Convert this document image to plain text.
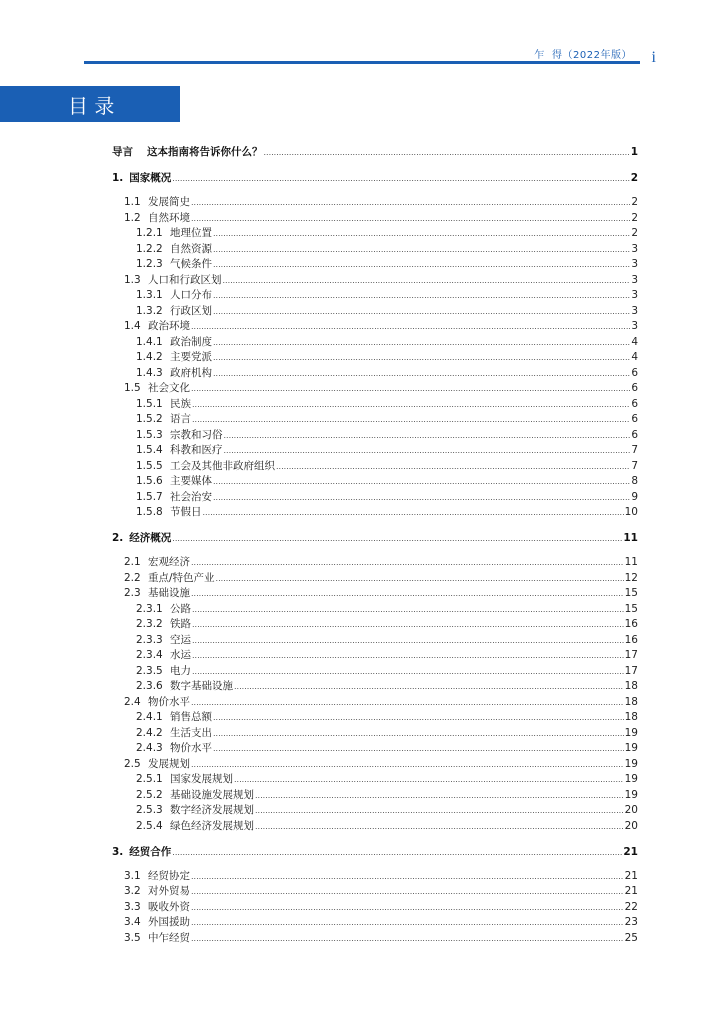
乍  得（2022年版） i
目 录
导言 这本指南将告诉你什么？ .....	1
1. 国家概况 .....	2
1.1 发展简史 .....	2
1.2 自然环境 .....	2
1.2.1 地理位置 .....	2
1.2.2 自然资源 .....	3
1.2.3 气候条件 .....	3
1.3 人口和行政区划 .....	3
1.3.1 人口分布 .....	3
1.3.2 行政区划 .....	3
1.4 政治环境 .....	3
1.4.1 政治制度 .....	4
1.4.2 主要党派 .....	4
1.4.3 政府机构 .....	6
1.5 社会文化 .....	6
1.5.1 民族 .....	6
1.5.2 语言 .....	6
1.5.3 宗教和习俗 .....	6
1.5.4 科教和医疗 .....	7
1.5.5 工会及其他非政府组织 .....	7
1.5.6 主要媒体 .....	8
1.5.7 社会治安 .....	9
1.5.8 节假日 .....	10
2. 经济概况 .....	11
2.1 宏观经济 .....	11
2.2 重点/特色产业 .....	12
2.3 基础设施 .....	15
2.3.1 公路 .....	15
2.3.2 铁路 .....	16
2.3.3 空运 .....	16
2.3.4 水运 .....	17
2.3.5 电力 .....	17
2.3.6 数字基础设施 .....	18
2.4 物价水平 .....	18
2.4.1 销售总额 .....	18
2.4.2 生活支出 .....	19
2.4.3 物价水平 .....	19
2.5 发展规划 .....	19
2.5.1 国家发展规划 .....	19
2.5.2 基础设施发展规划 .....	19
2.5.3 数字经济发展规划 .....	20
2.5.4 绿色经济发展规划 .....	20
3. 经贸合作 .....	21
3.1 经贸协定 .....	21
3.2 对外贸易 .....	21
3.3 吸收外资 .....	22
3.4 外国援助 .....	23
3.5 中乍经贸 .....	25
